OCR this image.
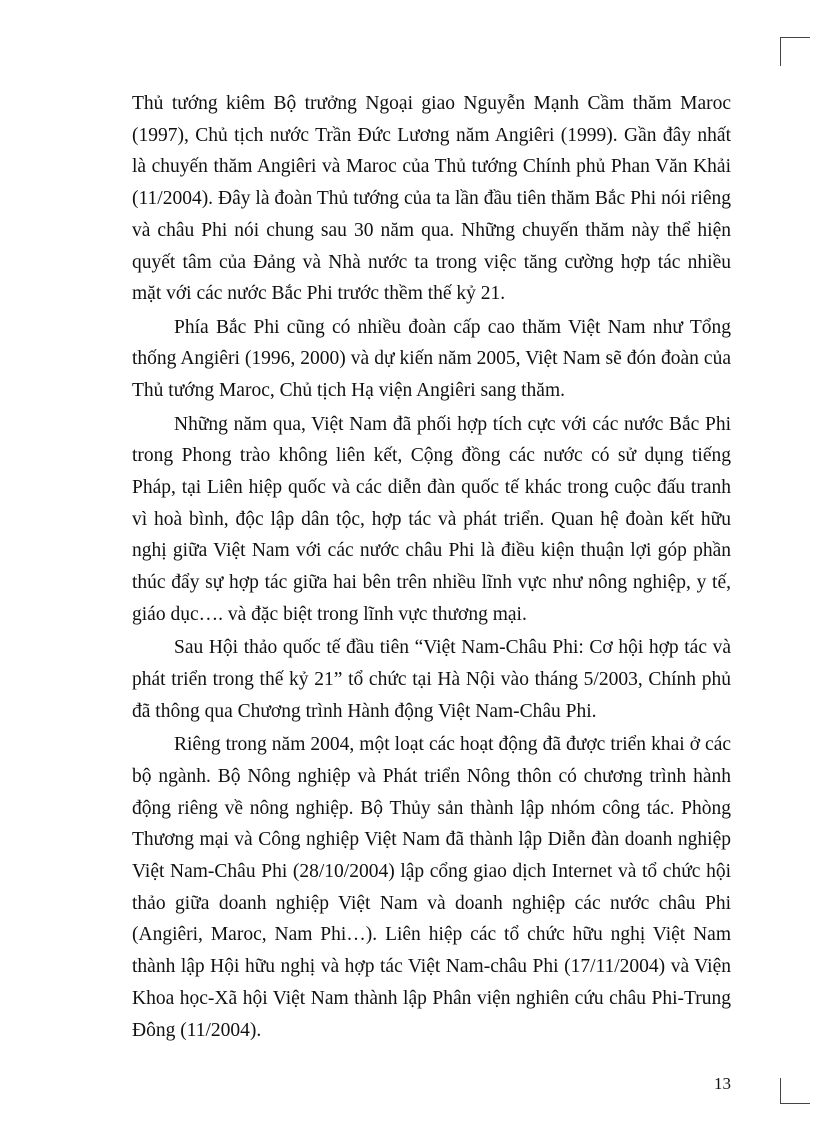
Thủ tướng kiêm Bộ trưởng Ngoại giao Nguyễn Mạnh Cầm thăm Maroc (1997), Chủ tịch nước Trần Đức Lương năm Angiêri (1999). Gần đây nhất là chuyến thăm Angiêri và Maroc của Thủ tướng Chính phủ Phan Văn Khải (11/2004). Đây là đoàn Thủ tướng của ta lần đầu tiên thăm Bắc Phi nói riêng và châu Phi nói chung sau 30 năm qua. Những chuyến thăm này thể hiện quyết tâm của Đảng và Nhà nước ta trong việc tăng cường hợp tác nhiều mặt với các nước Bắc Phi trước thềm thế kỷ 21.

Phía Bắc Phi cũng có nhiều đoàn cấp cao thăm Việt Nam như Tổng thống Angiêri (1996, 2000) và dự kiến năm 2005, Việt Nam sẽ đón đoàn của Thủ tướng Maroc, Chủ tịch Hạ viện Angiêri sang thăm.

Những năm qua, Việt Nam đã phối hợp tích cực với các nước Bắc Phi trong Phong trào không liên kết, Cộng đồng các nước có sử dụng tiếng Pháp, tại Liên hiệp quốc và các diễn đàn quốc tế khác trong cuộc đấu tranh vì hoà bình, độc lập dân tộc, hợp tác và phát triển. Quan hệ đoàn kết hữu nghị giữa Việt Nam với các nước châu Phi là điều kiện thuận lợi góp phần thúc đẩy sự hợp tác giữa hai bên trên nhiều lĩnh vực như nông nghiệp, y tế, giáo dục…. và đặc biệt trong lĩnh vực thương mại.

Sau Hội thảo quốc tế đầu tiên “Việt Nam-Châu Phi: Cơ hội hợp tác và phát triển trong thế kỷ 21” tổ chức tại Hà Nội vào tháng 5/2003, Chính phủ đã thông qua Chương trình Hành động Việt Nam-Châu Phi.

Riêng trong năm 2004, một loạt các hoạt động đã được triển khai ở các bộ ngành. Bộ Nông nghiệp và Phát triển Nông thôn có chương trình hành động riêng về nông nghiệp. Bộ Thủy sản thành lập nhóm công tác. Phòng Thương mại và Công nghiệp Việt Nam đã thành lập Diễn đàn doanh nghiệp Việt Nam-Châu Phi (28/10/2004) lập cổng giao dịch Internet và tổ chức hội thảo giữa doanh nghiệp Việt Nam và doanh nghiệp các nước châu Phi (Angiêri, Maroc, Nam Phi…). Liên hiệp các tổ chức hữu nghị Việt Nam thành lập Hội hữu nghị và hợp tác Việt Nam-châu Phi (17/11/2004) và Viện Khoa học-Xã hội Việt Nam thành lập Phân viện nghiên cứu châu Phi-Trung Đông (11/2004).

13
